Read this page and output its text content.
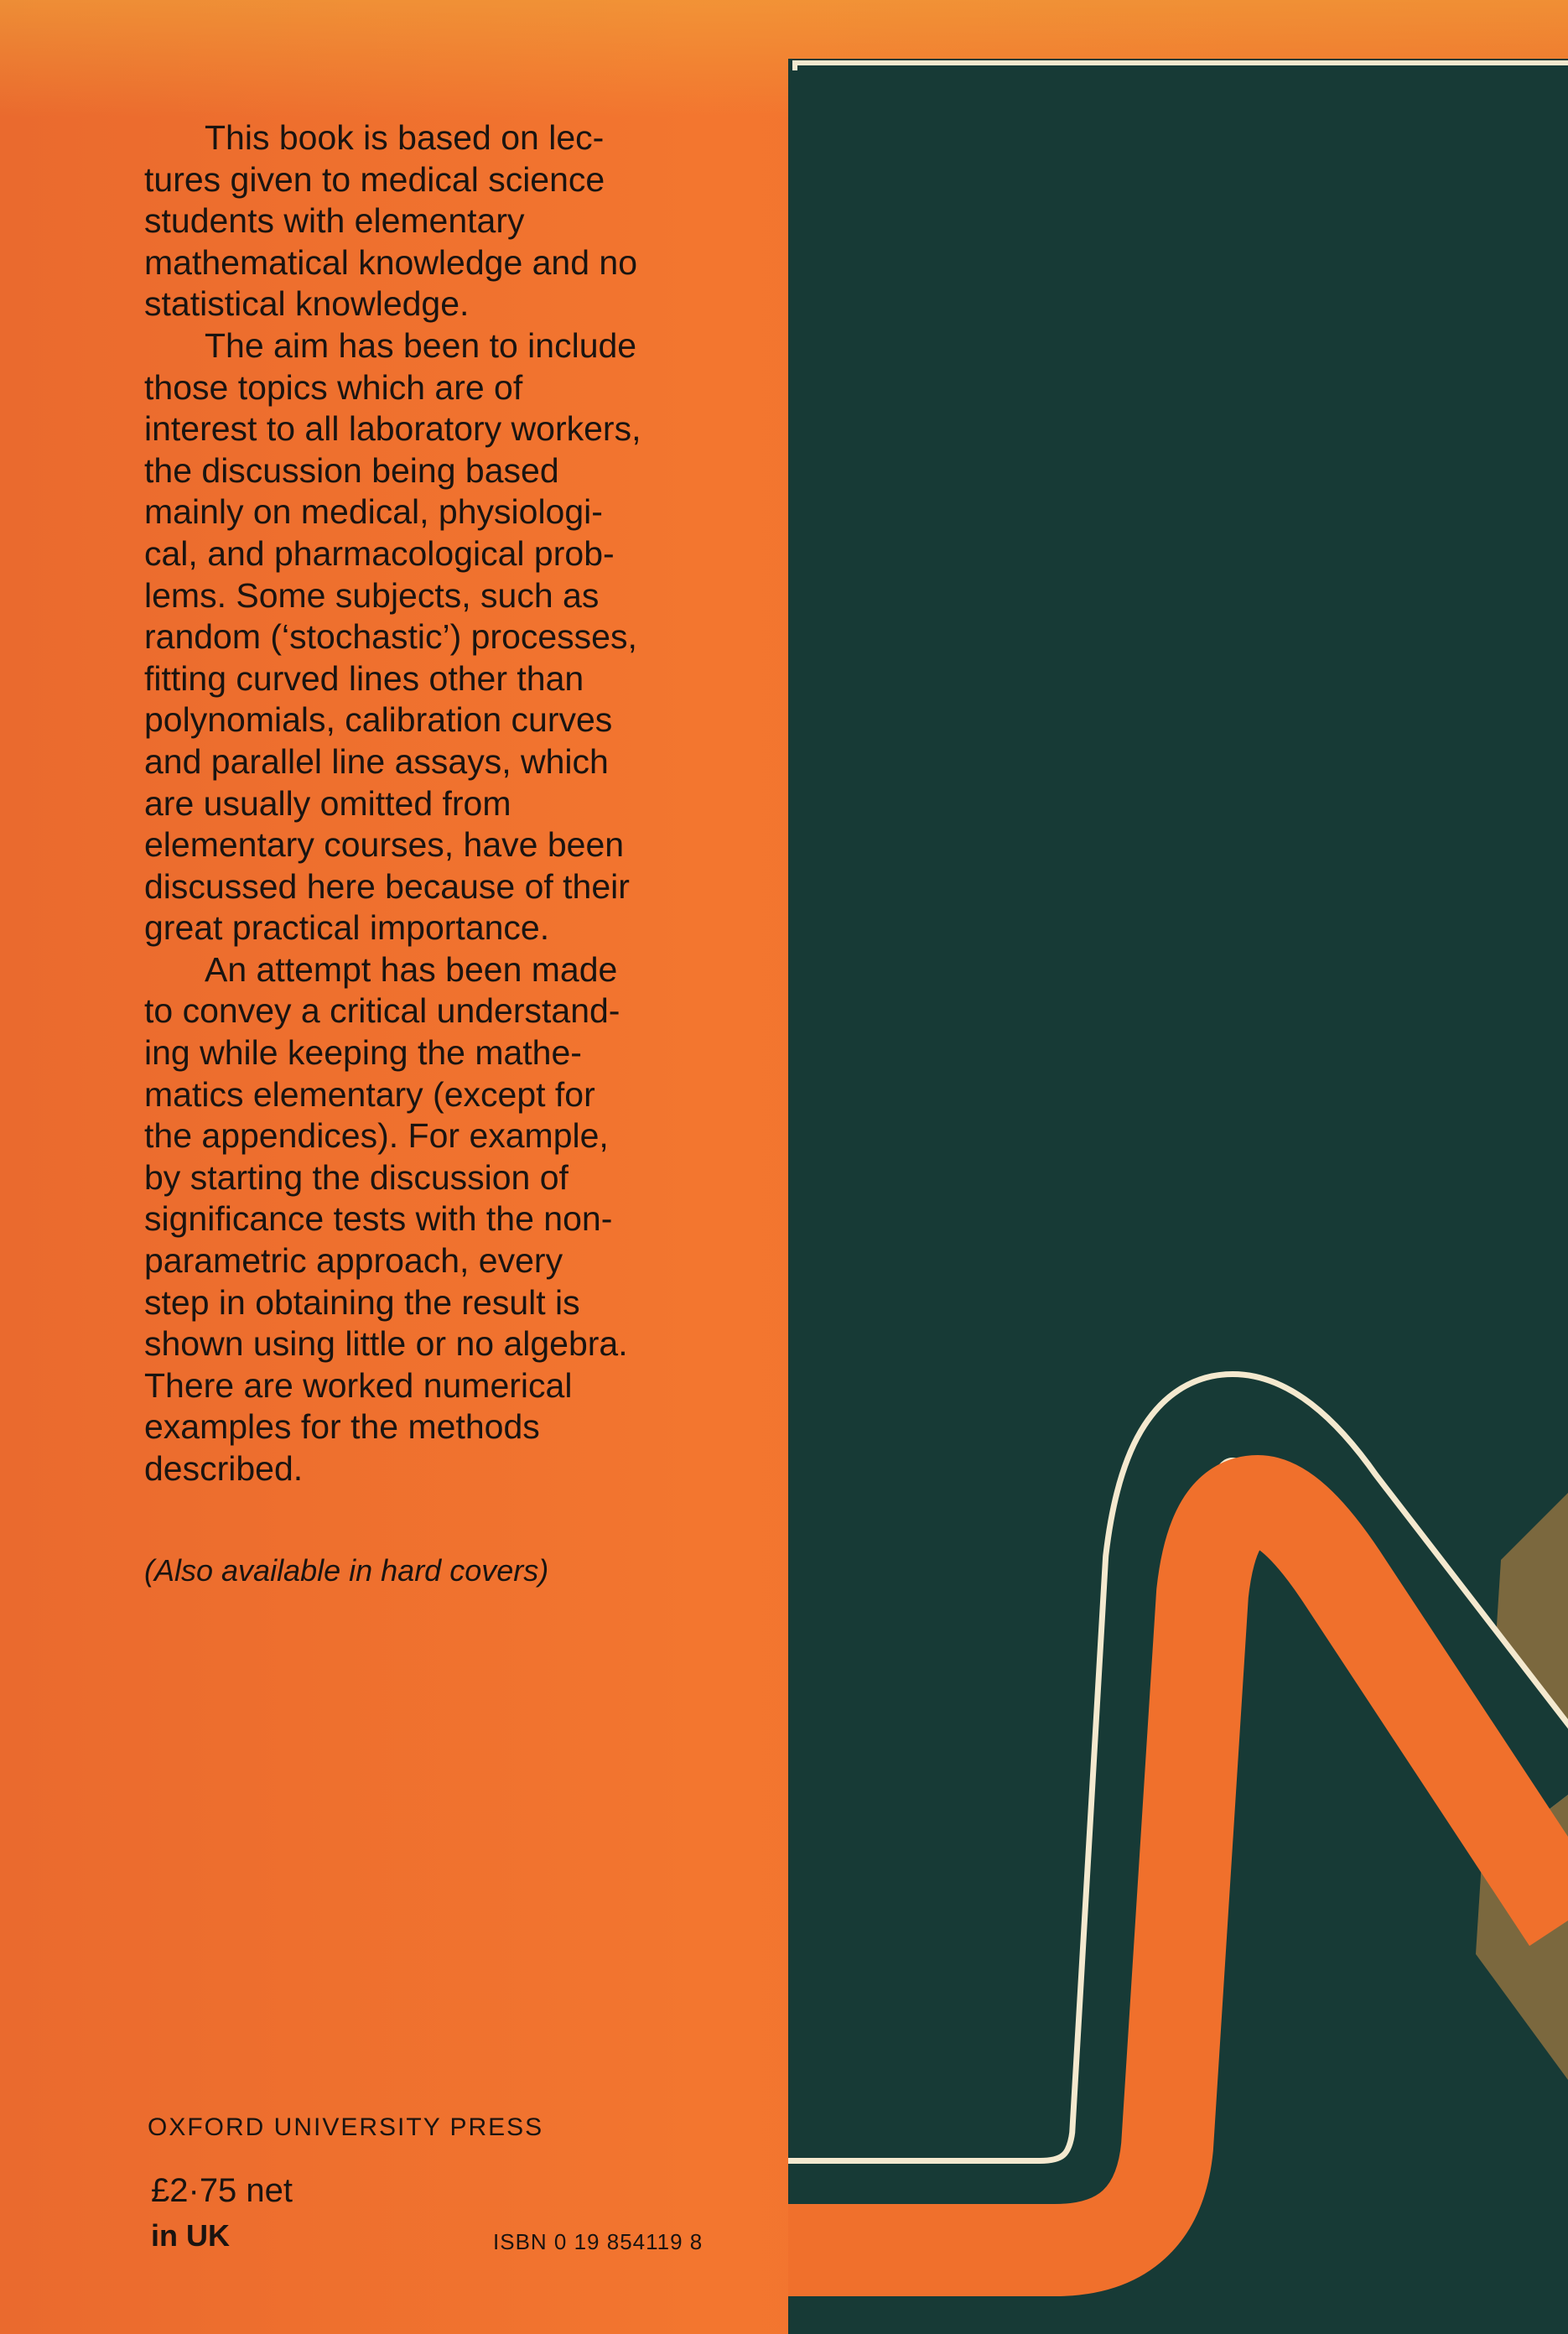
This book is based on lec-
tures given to medical science
students with elementary
mathematical knowledge and no
statistical knowledge.

The aim has been to include
those topics which are of
interest to all laboratory workers,
the discussion being based
mainly on medical, physiologi-
cal, and pharmacological prob-
lems. Some subjects, such as
random (‘stochastic’) processes,
fitting curved lines other than
polynomials, calibration curves
and parallel line assays, which
are usually omitted from
elementary courses, have been
discussed here because of their
great practical importance.

An attempt has been made
to convey a critical understand-
ing while keeping the mathe-
matics elementary (except for
the appendices). For example,
by starting the discussion of
significance tests with the non-
parametric approach, every
step in obtaining the result is
shown using little or no algebra.
There are worked numerical
examples for the methods
described.

(Also available in hard covers)
OXFORD UNIVERSITY PRESS
£2·75 net
in UK	ISBN 0 19 854119 8
